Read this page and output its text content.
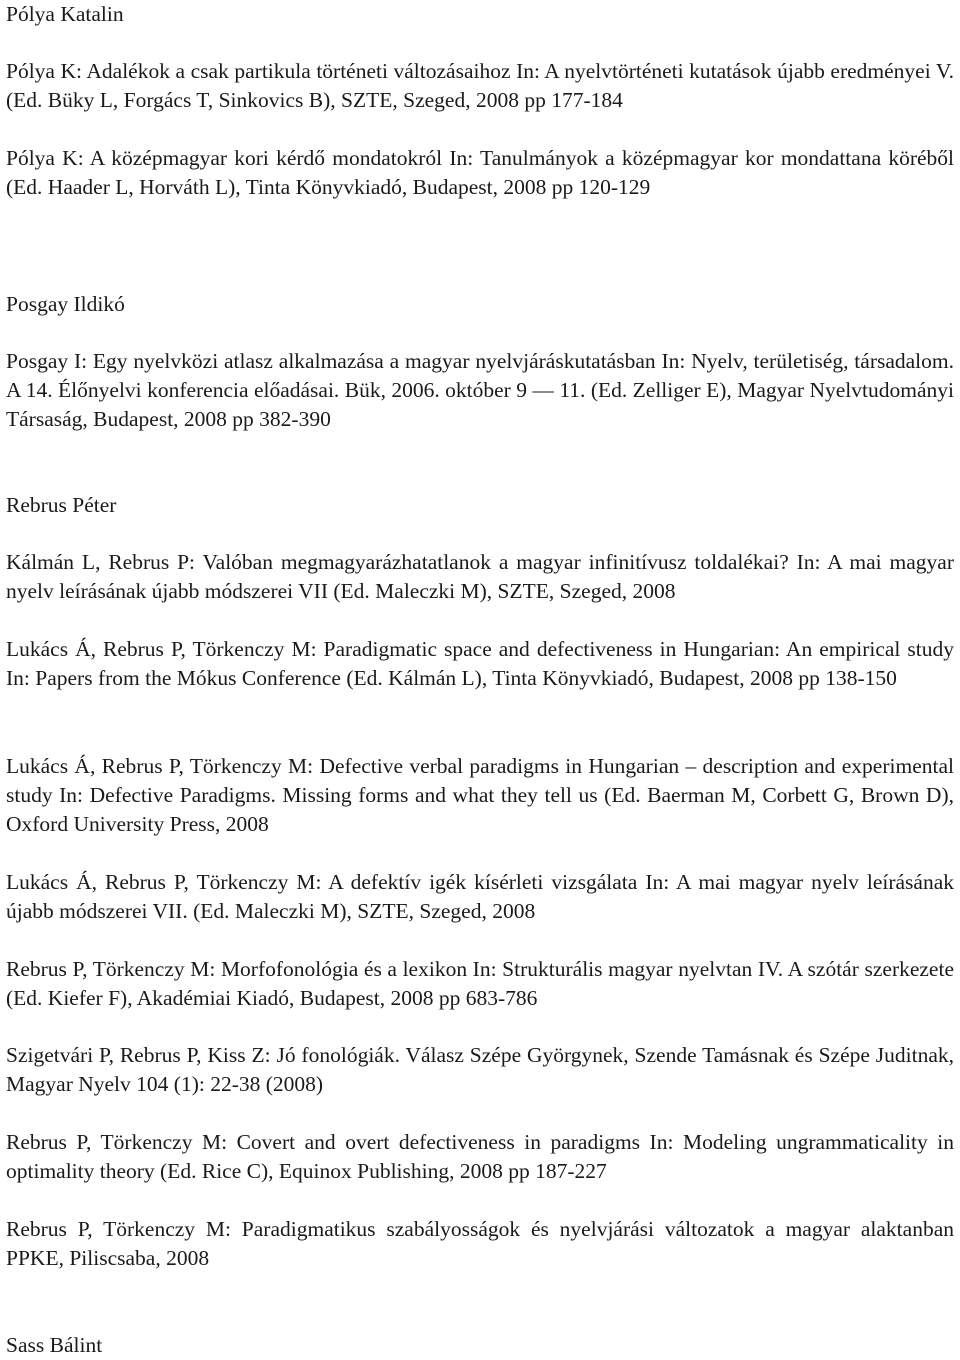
Pólya Katalin
Pólya K: Adalékok a csak partikula történeti változásaihoz In: A nyelvtörténeti kutatások újabb eredményei V. (Ed. Büky L, Forgács T, Sinkovics B), SZTE, Szeged, 2008 pp 177-184
Pólya K: A középmagyar kori kérdő mondatokról In: Tanulmányok a középmagyar kor mondattana köréből (Ed. Haader L, Horváth L), Tinta Könyvkiadó, Budapest, 2008 pp 120-129
Posgay Ildikó
Posgay I: Egy nyelvközi atlasz alkalmazása a magyar nyelvjáráskutatásban In: Nyelv, területiség, társadalom. A 14. Élőnyelvi konferencia előadásai. Bük, 2006. október 9 — 11. (Ed. Zelliger E), Magyar Nyelvtudományi Társaság, Budapest, 2008 pp 382-390
Rebrus Péter
Kálmán L, Rebrus P: Valóban megmagyarázhatatlanok a magyar infinitívusz toldalékai? In: A mai magyar nyelv leírásának újabb módszerei VII (Ed. Maleczki M), SZTE, Szeged, 2008
Lukács Á, Rebrus P, Törkenczy M: Paradigmatic space and defectiveness in Hungarian: An empirical study In: Papers from the Mókus Conference (Ed. Kálmán L), Tinta Könyvkiadó, Budapest, 2008 pp 138-150
Lukács Á, Rebrus P, Törkenczy M: Defective verbal paradigms in Hungarian – description and experimental study In: Defective Paradigms. Missing forms and what they tell us (Ed. Baerman M, Corbett G, Brown D), Oxford University Press, 2008
Lukács Á, Rebrus P, Törkenczy M: A defektív igék kísérleti vizsgálata In: A mai magyar nyelv leírásának újabb módszerei VII. (Ed. Maleczki M), SZTE, Szeged, 2008
Rebrus P, Törkenczy M: Morfofonológia és a lexikon In: Strukturális magyar nyelvtan IV. A szótár szerkezete (Ed. Kiefer F), Akadémiai Kiadó, Budapest, 2008 pp 683-786
Szigetvári P, Rebrus P, Kiss Z: Jó fonológiák. Válasz Szépe Györgynek, Szende Tamásnak és Szépe Juditnak, Magyar Nyelv 104 (1): 22-38 (2008)
Rebrus P, Törkenczy M: Covert and overt defectiveness in paradigms In: Modeling ungrammaticality in optimality theory (Ed. Rice C), Equinox Publishing, 2008 pp 187-227
Rebrus P, Törkenczy M: Paradigmatikus szabályosságok és nyelvjárási változatok a magyar alaktanban PPKE, Piliscsaba, 2008
Sass Bálint
